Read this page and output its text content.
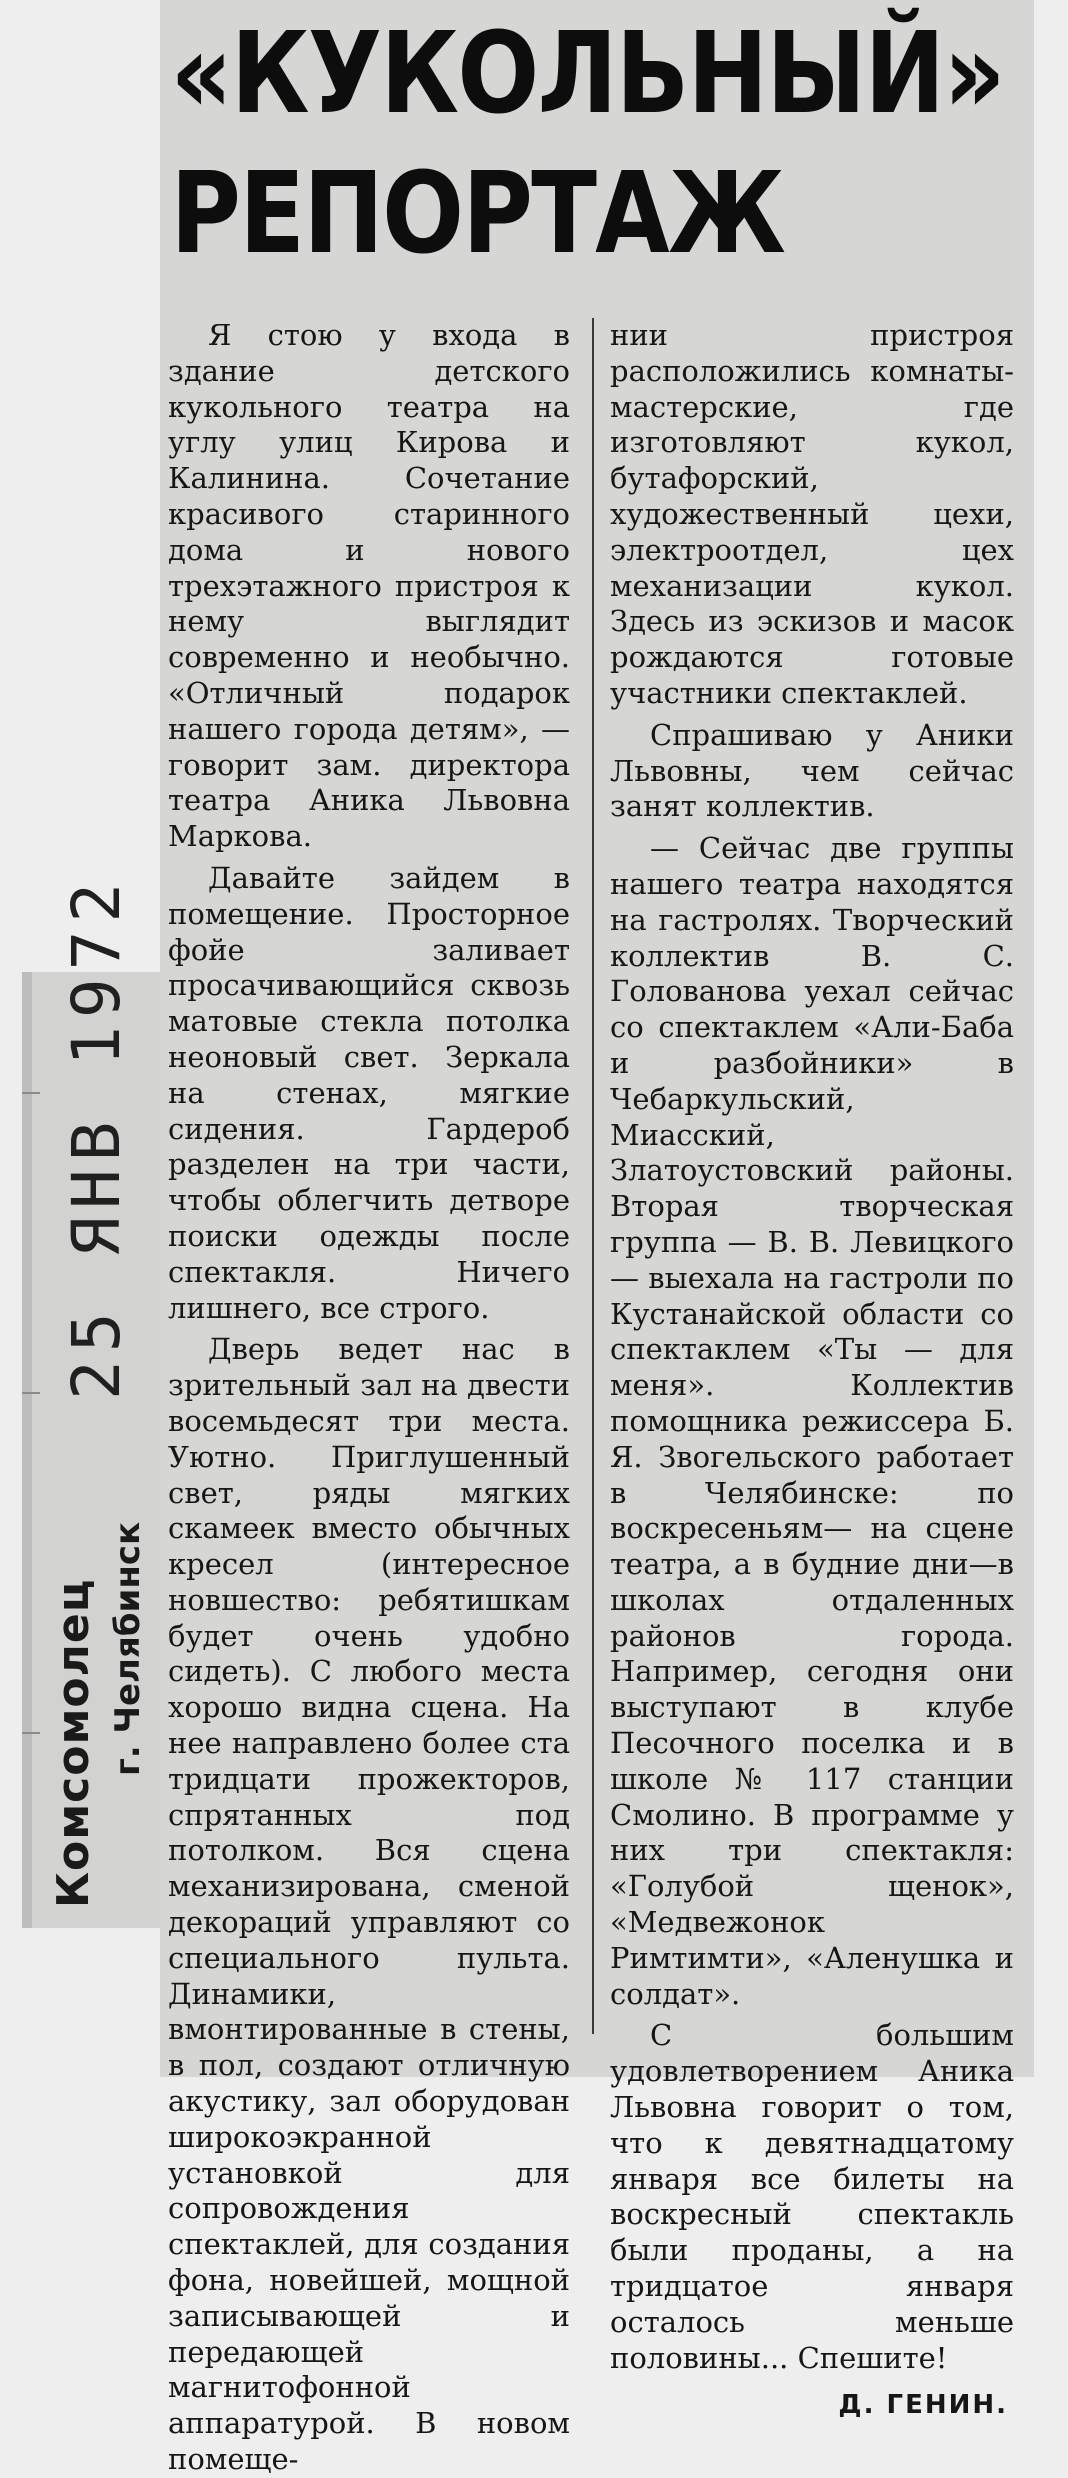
«КУКОЛЬНЫЙ»
РЕПОРТАЖ

Я стою у входа в здание детского кукольного театра на углу улиц Кирова и Калинина. Сочетание красивого старинного дома и нового трехэтажного пристроя к нему выглядит современно и необычно. «Отличный подарок нашего города детям», — говорит зам. директора театра Аника Львовна Маркова.

Давайте зайдем в помещение. Просторное фойе заливает просачивающийся сквозь матовые стекла потолка неоновый свет. Зеркала на стенах, мягкие сидения. Гардероб разделен на три части, чтобы облегчить детворе поиски одежды после спектакля. Ничего лишнего, все строго.

Дверь ведет нас в зрительный зал на двести восемьдесят три места. Уютно. Приглушенный свет, ряды мягких скамеек вместо обычных кресел (интересное новшество: ребятишкам будет очень удобно сидеть). С любого места хорошо видна сцена. На нее направлено более ста тридцати прожекторов, спрятанных под потолком. Вся сцена механизирована, сменой декораций управляют со специального пульта. Динамики, вмонтированные в стены, в пол, создают отличную акустику, зал оборудован широкоэкранной установкой для сопровождения спектаклей, для создания фона, новейшей, мощной записывающей и передающей магнитофонной аппаратурой. В новом помеще-

нии пристроя расположились комнаты-мастерские, где изготовляют кукол, бутафорский, художественный цехи, электроотдел, цех механизации кукол. Здесь из эскизов и масок рождаются готовые участники спектаклей.

Спрашиваю у Аники Львовны, чем сейчас занят коллектив.

— Сейчас две группы нашего театра находятся на гастролях. Творческий коллектив В. С. Голованова уехал сейчас со спектаклем «Али-Баба и разбойники» в Чебаркульский, Миасский, Златоустовский районы. Вторая творческая группа — В. В. Левицкого— выехала на гастроли по Кустанайской области со спектаклем «Ты — для меня». Коллектив помощника режиссера Б. Я. Звогельского работает в Челябинске: по воскресеньям— на сцене театра, а в будние дни—в школах отдаленных районов города. Например, сегодня они выступают в клубе Песочного поселка и в школе № 117 станции Смолино. В программе у них три спектакля: «Голубой щенок», «Медвежонок Римтимти», «Аленушка и солдат».

С большим удовлетворением Аника Львовна говорит о том, что к девятнадцатому января все билеты на воскресный спектакль были проданы, а на тридцатое января осталось меньше половины... Спешите!

Д. ГЕНИН.
Комсомолец г. Челябинск
25 ЯНВ 1972
